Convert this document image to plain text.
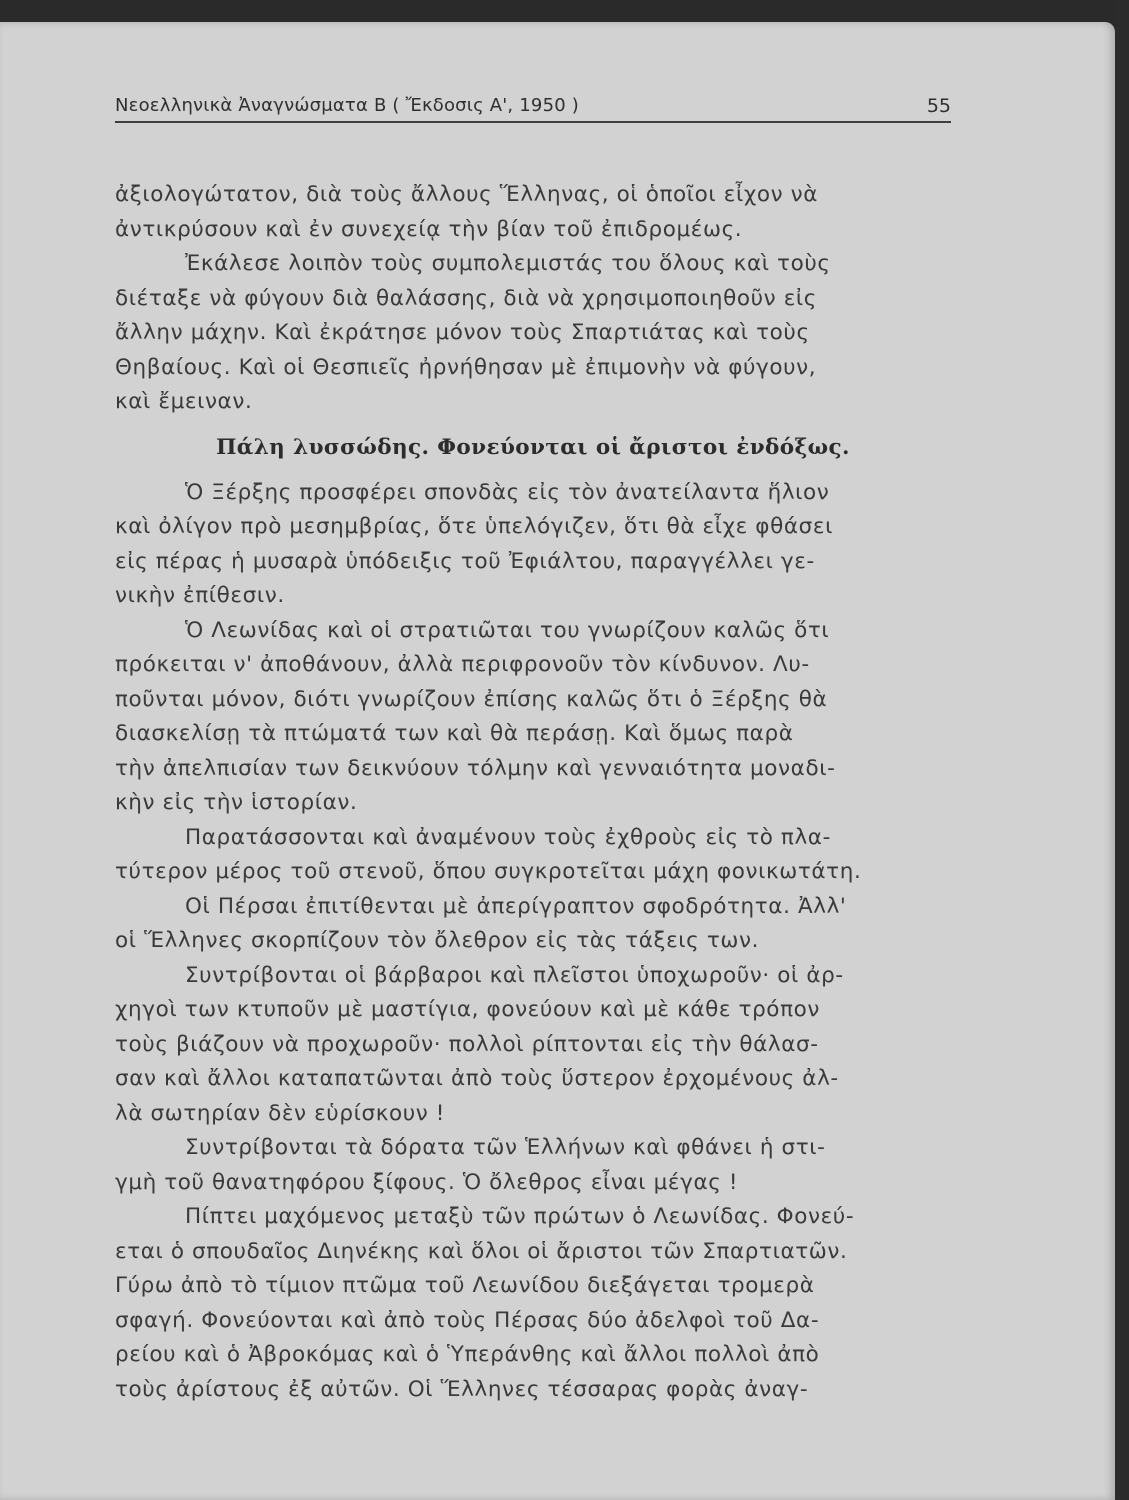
Νεοελληνικὰ Ἀναγνώσματα Β ( Ἔκδοσις Α', 1950 )	55
ἀξιολογώτατον, διὰ τοὺς ἄλλους Ἕλληνας, οἱ ὁποῖοι εἶχον νὰ
ἀντικρύσουν καὶ ἐν συνεχείᾳ τὴν βίαν τοῦ ἐπιδρομέως.
Ἐκάλεσε λοιπὸν τοὺς συμπολεμιστάς του ὅλους καὶ τοὺς
διέταξε νὰ φύγουν διὰ θαλάσσης, διὰ νὰ χρησιμοποιηθοῦν εἰς
ἄλλην μάχην. Καὶ ἐκράτησε μόνον τοὺς Σπαρτιάτας καὶ τοὺς
Θηβαίους. Καὶ οἱ Θεσπιεῖς ἠρνήθησαν μὲ ἐπιμονὴν νὰ φύγουν,
καὶ ἔμειναν.
Πάλη λυσσώδης. Φονεύονται οἱ ἄριστοι ἐνδόξως.
Ὁ Ξέρξης προσφέρει σπονδὰς εἰς τὸν ἀνατείλαντα ἥλιον
καὶ ὀλίγον πρὸ μεσημβρίας, ὅτε ὑπελόγιζεν, ὅτι θὰ εἶχε φθάσει
εἰς πέρας ἡ μυσαρὰ ὑπόδειξις τοῦ Ἐφιάλτου, παραγγέλλει γε-
νικὴν ἐπίθεσιν.
Ὁ Λεωνίδας καὶ οἱ στρατιῶται του γνωρίζουν καλῶς ὅτι
πρόκειται ν' ἀποθάνουν, ἀλλὰ περιφρονοῦν τὸν κίνδυνον. Λυ-
ποῦνται μόνον, διότι γνωρίζουν ἐπίσης καλῶς ὅτι ὁ Ξέρξης θὰ
διασκελίσῃ τὰ πτώματά των καὶ θὰ περάσῃ. Καὶ ὅμως παρὰ
τὴν ἀπελπισίαν των δεικνύουν τόλμην καὶ γενναιότητα μοναδι-
κὴν εἰς τὴν ἱστορίαν.
Παρατάσσονται καὶ ἀναμένουν τοὺς ἐχθροὺς εἰς τὸ πλα-
τύτερον μέρος τοῦ στενοῦ, ὅπου συγκροτεῖται μάχη φονικωτάτη.
Οἱ Πέρσαι ἐπιτίθενται μὲ ἀπερίγραπτον σφοδρότητα. Ἀλλ'
οἱ Ἕλληνες σκορπίζουν τὸν ὄλεθρον εἰς τὰς τάξεις των.
Συντρίβονται οἱ βάρβαροι καὶ πλεῖστοι ὑποχωροῦν· οἱ ἀρ-
χηγοὶ των κτυποῦν μὲ μαστίγια, φονεύουν καὶ μὲ κάθε τρόπον
τοὺς βιάζουν νὰ προχωροῦν· πολλοὶ ρίπτονται εἰς τὴν θάλασ-
σαν καὶ ἄλλοι καταπατῶνται ἀπὸ τοὺς ὕστερον ἐρχομένους ἀλ-
λὰ σωτηρίαν δὲν εὑρίσκουν !
Συντρίβονται τὰ δόρατα τῶν Ἑλλήνων καὶ φθάνει ἡ στι-
γμὴ τοῦ θανατηφόρου ξίφους. Ὁ ὄλεθρος εἶναι μέγας !
Πίπτει μαχόμενος μεταξὺ τῶν πρώτων ὁ Λεωνίδας. Φονεύ-
εται ὁ σπουδαῖος Διηνέκης καὶ ὅλοι οἱ ἄριστοι τῶν Σπαρτιατῶν.
Γύρω ἀπὸ τὸ τίμιον πτῶμα τοῦ Λεωνίδου διεξάγεται τρομερὰ
σφαγή. Φονεύονται καὶ ἀπὸ τοὺς Πέρσας δύο ἀδελφοὶ τοῦ Δα-
ρείου καὶ ὁ Ἀβροκόμας καὶ ὁ Ὑπεράνθης καὶ ἄλλοι πολλοὶ ἀπὸ
τοὺς ἀρίστους ἐξ αὐτῶν. Οἱ Ἕλληνες τέσσαρας φορὰς ἀναγ-
